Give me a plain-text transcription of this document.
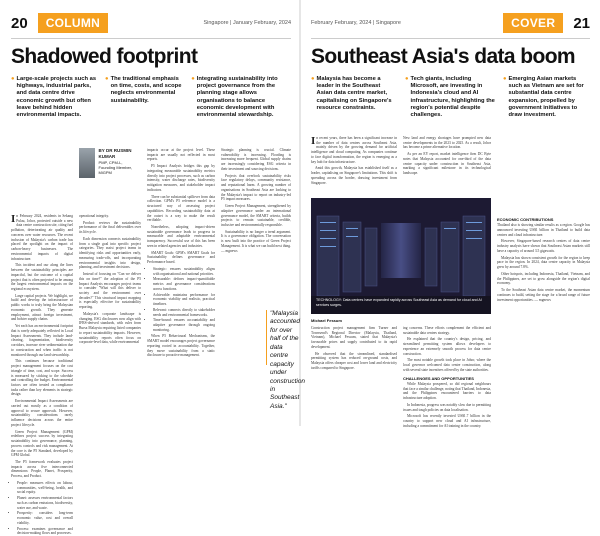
20	COLUMN	Singapore | January February, 2024
Shadowed footprint
● Large-scale projects such as highways, industrial parks, and data centre drive economic growth but often leave behind hidden environmental impacts.
● The traditional emphasis on time, costs, and scope neglects environmental sustainability.
● Integrating sustainability into project governance from the planning stage allows organisations to balance economic development with environmental stewardship.

In February 2024, residents in Sekang Pulau, Johor, protested outside a new data centre construction site, citing fuel pollution, deteriorating air quality and concerns over water resources. The recent inclusion of Malaysia's carbon trade has placed the spotlight on the impact of carbon-heavy businesses. The environmental impacts of digital infrastructure.

This incident and our along the lines between the sustainability principles are impactful, but the outcome of a capital project that is often projected to be among the largest environmental impacts on the regional ecosystem.

Large capital projects. We highlight, we build and develop the infrastructure of public works to truly bring the Malaysian economic growth. They generate employment, attract foreign investment, and bolster supply chains.

Yet each has an environmental footprint that is rarely adequately reflected in Local Impact Assessments. They include land-clearing, fragmentation, biodiversity corridors, increase river sedimentation due to construction and when traffic is not monitored through our land stewardship.

This continues because traditional project management focuses on the cost triangle of time, cost, and scope. Success is measured by sticking to the schedule and controlling the budget. Environmental factors are often treated as compliance tasks rather than key elements in strategic design.

Environmental Impact Assessments are carried out mostly as a condition of approval to secure approvals. However, sustainability considerations rarely influence decisions across the entire project lifecycle.

Green Project Management (GPM) redefines project success by integrating sustainability into governance, planning, process controls and risk management. At the core is the P5 Standard, developed by GPM Global.

The P5 framework evaluates project impacts across five interconnected dimensions: People, Planet, Prosperity, Process, and Product.

• People: measures effects on labour, communities, well-being, health, and social equity.
• Planet: assesses environmental factors such as carbon emissions, biodiversity, water use, and waste.
• Prosperity: considers long-term economic value, cost and overall viability.
• Process: examines governance and decision-making flows and processes.
BY DR RUSMIN KUMAR
PMP, CPM-L, Founding Member, MiGPM

operational integrity.

Product: reviews the sustainability performance of the final deliverables over its lifecycle.

Each dimension connects sustainability from a single goal into specific project categories. They assist project teams in identifying risks and opportunities early, measuring trade-offs, and incorporating environmental insights into design, planning, and investment decisions.

Instead of focusing on "Can we deliver this on time?" the adoption of the P5 Impact Analysis encourages project teams to consider "What will this deliver to society and the environment over decades?" This structural impact mapping is especially effective for sustainability reporting.

Malaysia's corporate landscape is changing. ESG disclosures now align with IFRS-derived standards, with rules from Bursa Malaysia requiring listed companies to report sustainability impacts. However, sustainability reports often focus on corporate-level data, while environmental

impacts occur at the project level. These impacts are usually not reflected in most reports.

P5 Impact Analysis bridges this gap by integrating measurable sustainability metrics directly into project processes, such as carbon intensity, water discharge rates, biodiversity mitigation measures, and stakeholder impact indicators.

There can be substantial spillover from data collection. GPM's P5 reference model is a structured way of assessing project capabilities. Recording sustainability data at the outset is a way to make the result verifiable.

Nonetheless, adopting impact-driven sustainable governance leads to progress in measurable and adaptable environmental transparency. Successful use of this has been seen in related agencies and industries.

SMART Goals: GPM's SMART Goals for Sustainability defines governance and Performance based.

• Strategic: ensures sustainability aligns with organisational and national priorities.
• Measurable: defines impact-quantifiable metrics and governance considerations across functions.
• Achievable: maintains performance for economic viability and realistic, practical timelines.
• Relevant: connects directly to stakeholder needs and environmental frameworks.
• Time-bound: ensures accountability and adaptive governance through ongoing monitoring.

When P5 Behavioural Mechanisms, the SMART model encourages project governance reporting rooted in accountability. Together, they move sustainability from a static disclosure to proactive management.

Strategic planning is crucial. Climate vulnerability is increasing. Flooding is increasing more frequent. Global supply chains are increasingly considering ESG criteria in their investment and sourcing decisions.

Projects that overlook sustainability risks face regulatory delays, community resistance, and reputational harm. A growing number of organisations in Southeast Asia are looking to the Malaysia's impact to report on industry-led P5 impact measures.

Green Project Management, strengthened by adaptive governance under an international governance model, the SMART criteria, builds projects to remain sustainable, credible, inclusive and environmentally responsible.

Sustainability is no longer a trend argument. It is a governance obligation. The conversation is now built into the practice of Green Project Management. It is what we can build next thing. — mgnews

February February, 2024 | Singapore	COVER	21
Southeast Asia's data boom
● Malaysia has become a leader in the Southeast Asian data centre market, capitalising on Singapore's resource constraints.
● Tech giants, including Microsoft, are investing in Indonesia's cloud and AI infrastructure, highlighting the region's potential despite challenges.
● Emerging Asian markets such as Vietnam are set for substantial data centre expansion, propelled by government initiatives to draw investment.

In recent years, there has been a significant increase in the number of data centres across Southeast Asia, mainly driven by the growing demand for artificial intelligence and cloud computing. As companies continue to face digital transformation, the region is emerging as a key hub for data infrastructure.

Amid this growth, Malaysia has established itself as a leader, capitalising on Singapore's limitations. This shift is spreading across the border, drawing investment from Singapore.

New land and energy shortages have prompted new data centre developments in the 2023 to 2025. As a result, Johor has become a prime alternative location.

As per an EY report, market intelligence firm DC Byte notes that Malaysia accounted for one-third of the data centre capacity under construction in Southeast Asia, marking a significant milestone in its technological landscape.

TECHNOLOGY: Data centres have expanded rapidly across Southeast Asia as demand for cloud and AI services surges.
Michael Fessum

Construction project management firm Turner and Townsend's Regional Director (Malaysia, Thailand, Vietnam), Michael Fessum, stated that Malaysia's favourable prices and supply contributed to its rapid development.

He observed that the streamlined, standardised permitting system has reduced on-ground costs, and Malaysia offers cheaper cost and lower land and electricity tariffs compared to Singapore.

ing concerns. These efforts complement the efficient and sustainable data centres strategy.

He explained that the country's design, pricing, and streamlined permitting system allows developers to experience an extremely smooth process for data centre construction.

The most notable growth took place in Johor, where the local governor welcomed data centre construction, along with several state incentives offered by the state authorities.

CHALLENGES AND OPPORTUNITIES

While Malaysia prospered, so did regional neighbours that face a similar challenge, noting that Thailand, Indonesia, and the Philippines encountered barriers to data infrastructure adoption.

In Indonesia, progress was notably slow due to permitting issues and tough policies on data localisation.

Microsoft has recently invested US$1.7 billion in the country to support new cloud and AI infrastructure, including a commitment for AI training in the country.

ECONOMIC CONTRIBUTIONS

Thailand also is showing similar results as a region. Google has announced investing US$1 billion in Thailand to build data centres and cloud infrastructure.

However, Singapore-based research centres of data centre industry analysts have shown that Southeast Asian markets still have a capacity of around 3.5 gigawatts.

Malaysia has shown consistent growth for the region to keep pace in the region. In 2024, data centre capacity in Malaysia grew by around 7.8%.

Other hotspots, including Indonesia, Thailand, Vietnam, and the Philippines, are set to grow alongside the region's digital economy.

To the Southeast Asian data centre market, the momentum continues to build, setting the stage for a broad range of future investment opportunities. — mgnews

"Malaysia accounted for over half of the data centre capacity under construction in Southeast Asia."
